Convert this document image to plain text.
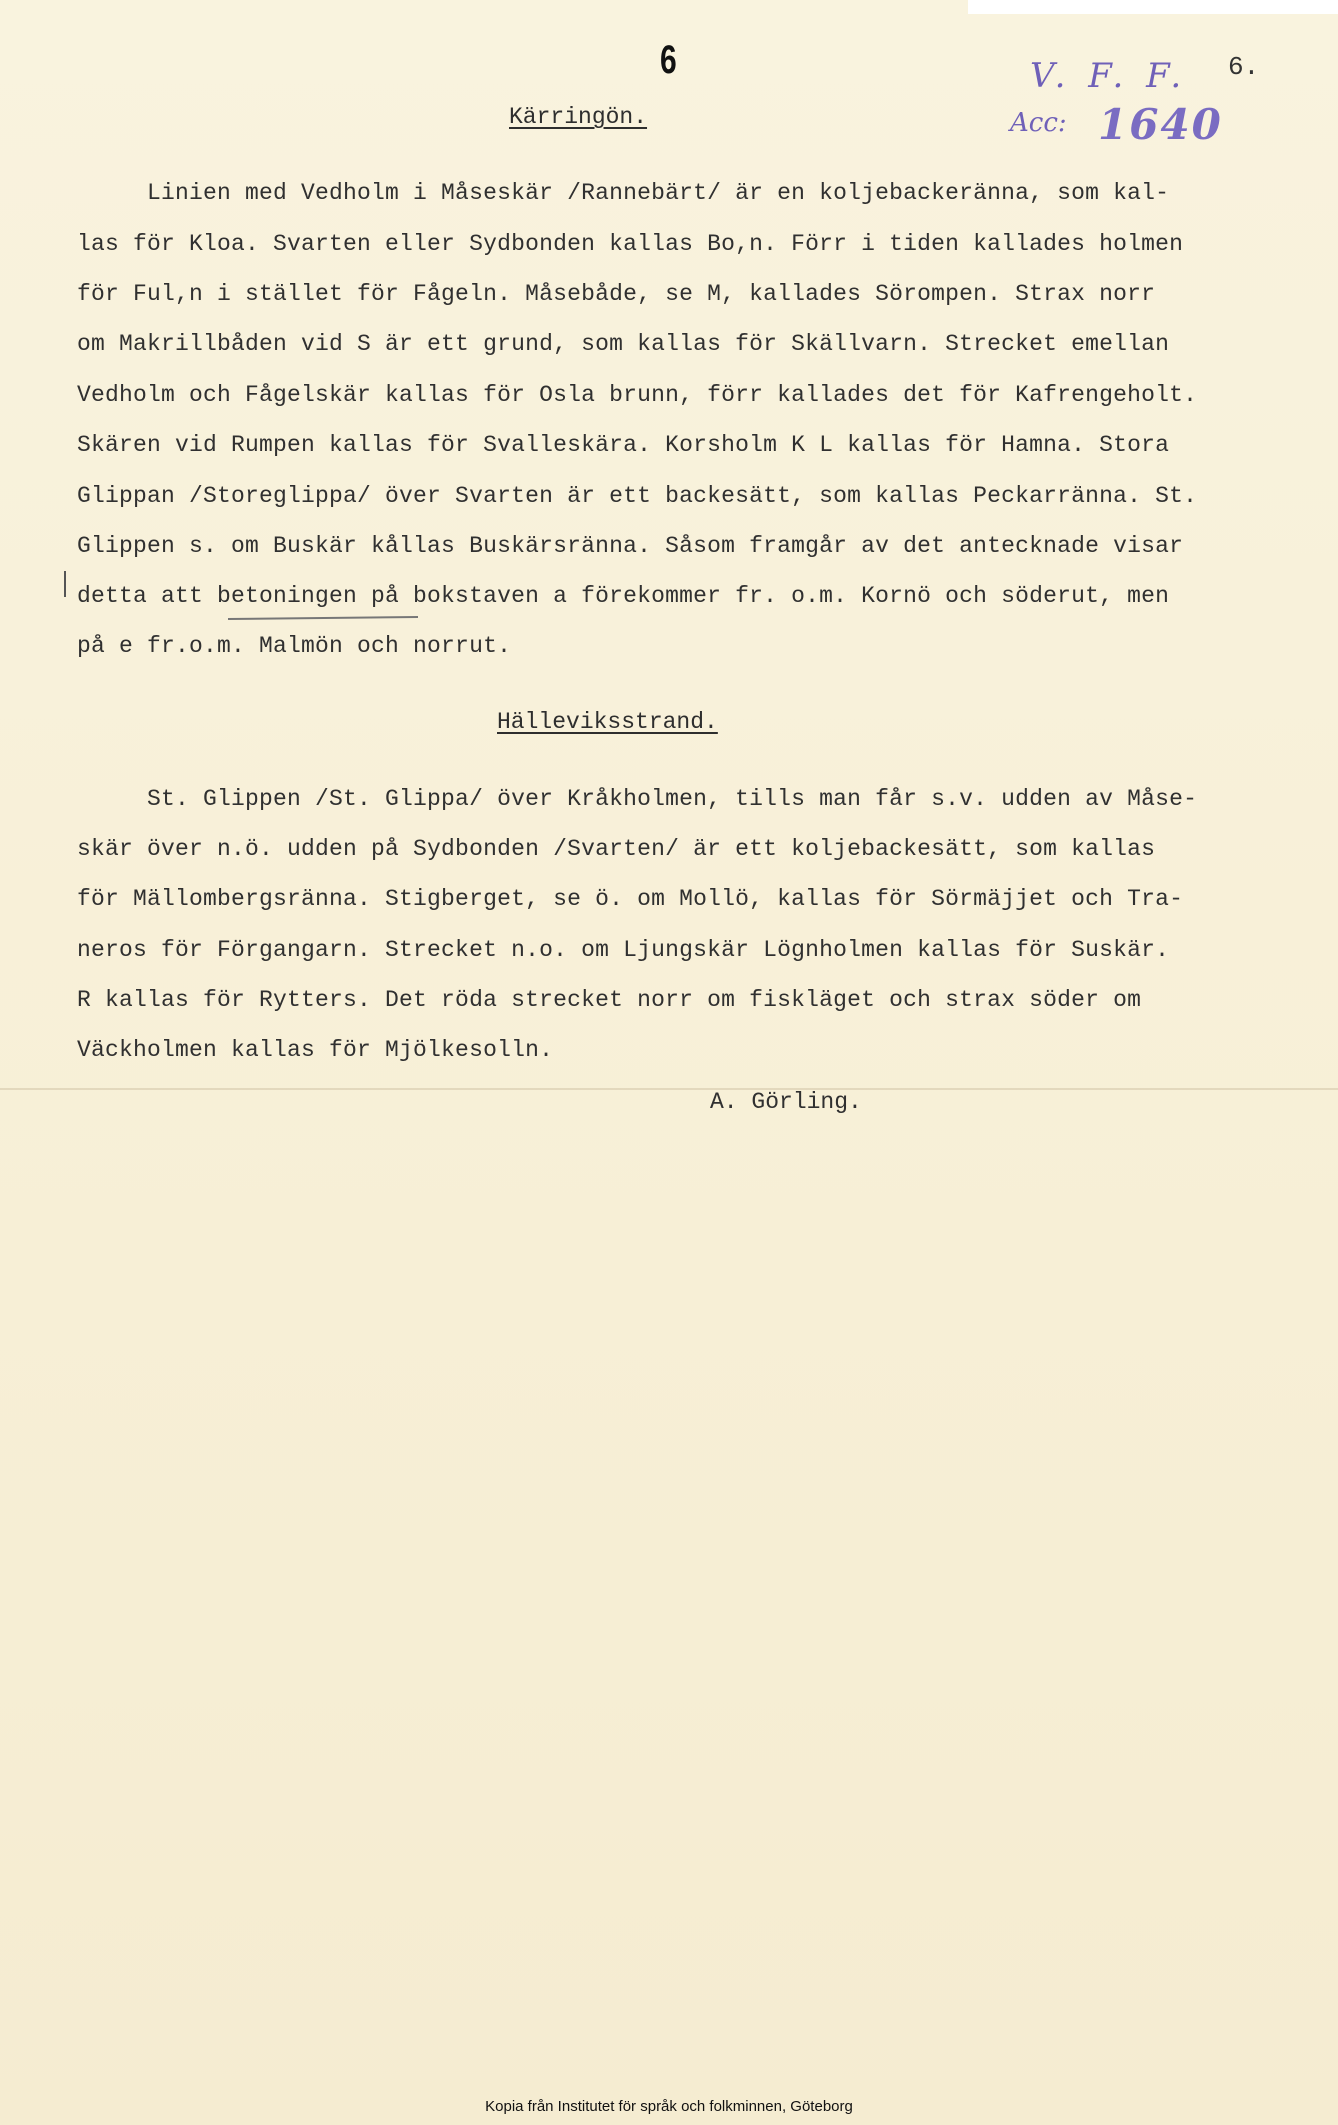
6	6.
V. F. F.
Acc: 1640
Kärringön.
Linien med Vedholm i Måseskär /Rannebärt/ är en koljebackeränna, som kal-
las för Kloa. Svarten eller Sydbonden kallas Bo,n. Förr i tiden kallades holmen
för Ful,n i stället för Fågeln. Måsebåde, se M, kallades Sörompen. Strax norr
om Makrillbåden vid S är ett grund, som kallas för Skällvarn. Strecket emellan
Vedholm och Fågelskär kallas för Osla brunn, förr kallades det för Kafrengeholt.
Skären vid Rumpen kallas för Svalleskära. Korsholm K L kallas för Hamna. Stora
Glippan /Storeglippa/ över Svarten är ett backesätt, som kallas Peckarränna. St.
Glippen s. om Buskär kållas Buskärsränna. Såsom framgår av det antecknade visar
detta att betoningen på bokstaven a förekommer fr. o.m. Kornö och söderut, men
på e fr.o.m. Malmön och norrut.
Hälleviksstrand.
St. Glippen /St. Glippa/ över Kråkholmen, tills man får s.v. udden av Måse-
skär över n.ö. udden på Sydbonden /Svarten/ är ett koljebackesätt, som kallas
för Mällombergsränna. Stigberget, se ö. om Mollö, kallas för Sörmäjjet och Tra-
neros för Förgangarn. Strecket n.o. om Ljungskär Lögnholmen kallas för Suskär.
R kallas för Rytters. Det röda strecket norr om fiskläget och strax söder om
Väckholmen kallas för Mjölkesolln.
A. Görling.
Kopia från Institutet för språk och folkminnen, Göteborg
